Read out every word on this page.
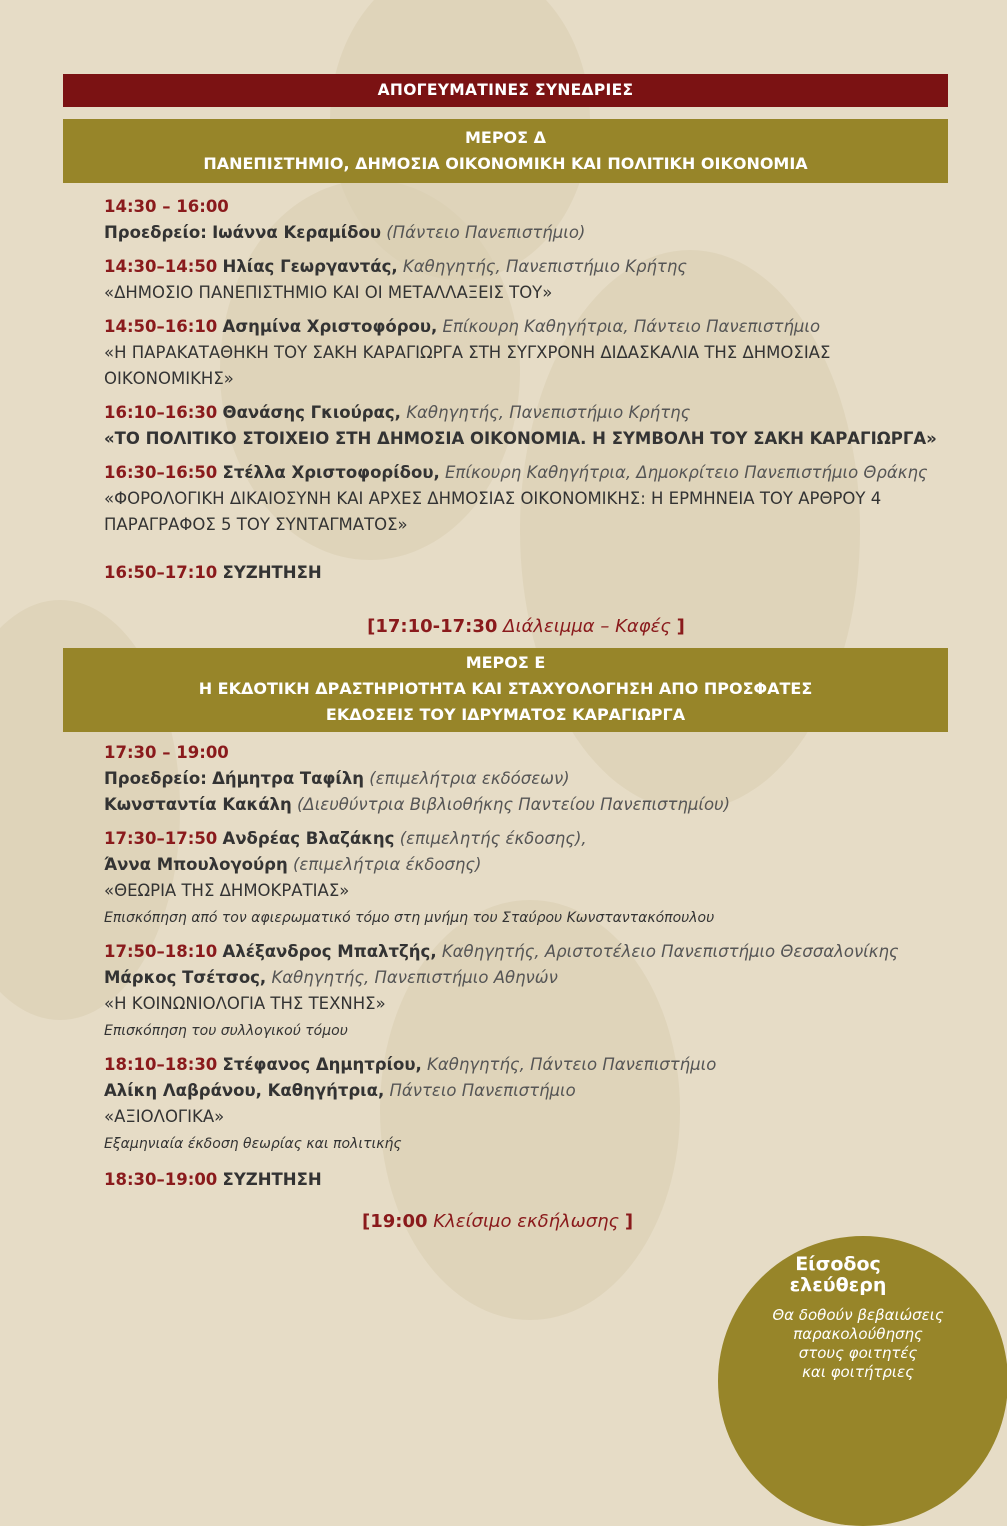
ΑΠΟΓΕΥΜΑΤΙΝΕΣ ΣΥΝΕΔΡΙΕΣ
ΜΕΡΟΣ Δ
ΠΑΝΕΠΙΣΤΗΜΙΟ, ΔΗΜΟΣΙΑ ΟΙΚΟΝΟΜΙΚΗ ΚΑΙ ΠΟΛΙΤΙΚΗ ΟΙΚΟΝΟΜΙΑ
14:30 – 16:00
Προεδρείο: Ιωάννα Κεραμίδου (Πάντειο Πανεπιστήμιο)
14:30–14:50 Ηλίας Γεωργαντάς, Καθηγητής, Πανεπιστήμιο Κρήτης
«ΔΗΜΟΣΙΟ ΠΑΝΕΠΙΣΤΗΜΙΟ ΚΑΙ ΟΙ ΜΕΤΑΛΛΑΞΕΙΣ ΤΟΥ»
14:50–16:10 Ασημίνα Χριστοφόρου, Επίκουρη Καθηγήτρια, Πάντειο Πανεπιστήμιο
«Η ΠΑΡΑΚΑΤΑΘΗΚΗ ΤΟΥ ΣΑΚΗ ΚΑΡΑΓΙΩΡΓΑ ΣΤΗ ΣΥΓΧΡΟΝΗ ΔΙΔΑΣΚΑΛΙΑ ΤΗΣ ΔΗΜΟΣΙΑΣ ΟΙΚΟΝΟΜΙΚΗΣ»
16:10–16:30 Θανάσης Γκιούρας, Καθηγητής, Πανεπιστήμιο Κρήτης
«ΤΟ ΠΟΛΙΤΙΚΟ ΣΤΟΙΧΕΙΟ ΣΤΗ ΔΗΜΟΣΙΑ ΟΙΚΟΝΟΜΙΑ. Η ΣΥΜΒΟΛΗ ΤΟΥ ΣΑΚΗ ΚΑΡΑΓΙΩΡΓΑ»
16:30–16:50 Στέλλα Χριστοφορίδου, Επίκουρη Καθηγήτρια, Δημοκρίτειο Πανεπιστήμιο Θράκης
«ΦΟΡΟΛΟΓΙΚΗ ΔΙΚΑΙΟΣΥΝΗ ΚΑΙ ΑΡΧΕΣ ΔΗΜΟΣΙΑΣ ΟΙΚΟΝΟΜΙΚΗΣ: Η ΕΡΜΗΝΕΙΑ ΤΟΥ ΑΡΘΡΟΥ 4 ΠΑΡΑΓΡΑΦΟΣ 5 ΤΟΥ ΣΥΝΤΑΓΜΑΤΟΣ»
16:50–17:10 ΣΥΖΗΤΗΣΗ
[17:10-17:30 Διάλειμμα – Καφές ]
ΜΕΡΟΣ Ε
Η ΕΚΔΟΤΙΚΗ ΔΡΑΣΤΗΡΙΟΤΗΤΑ ΚΑΙ ΣΤΑΧΥΟΛΟΓΗΣΗ ΑΠΟ ΠΡΟΣΦΑΤΕΣ
ΕΚΔΟΣΕΙΣ ΤΟΥ ΙΔΡΥΜΑΤΟΣ ΚΑΡΑΓΙΩΡΓΑ
17:30 – 19:00
Προεδρείο: Δήμητρα Ταφίλη (επιμελήτρια εκδόσεων)
Κωνσταντία Κακάλη (Διευθύντρια Βιβλιοθήκης Παντείου Πανεπιστημίου)
17:30–17:50 Ανδρέας Βλαζάκης (επιμελητής έκδοσης),
Άννα Μπουλογούρη (επιμελήτρια έκδοσης)
«ΘΕΩΡΙΑ ΤΗΣ ΔΗΜΟΚΡΑΤΙΑΣ»
Επισκόπηση από τον αφιερωματικό τόμο στη μνήμη του Σταύρου Κωνσταντακόπουλου
17:50–18:10 Αλέξανδρος Μπαλτζής, Καθηγητής, Αριστοτέλειο Πανεπιστήμιο Θεσσαλονίκης Μάρκος Τσέτσος, Καθηγητής, Πανεπιστήμιο Αθηνών
«Η ΚΟΙΝΩΝΙΟΛΟΓΙΑ ΤΗΣ ΤΕΧΝΗΣ»
Επισκόπηση του συλλογικού τόμου
18:10–18:30 Στέφανος Δημητρίου, Καθηγητής, Πάντειο Πανεπιστήμιο
Αλίκη Λαβράνου, Καθηγήτρια, Πάντειο Πανεπιστήμιο
«ΑΞΙΟΛΟΓΙΚΑ»
Εξαμηνιαία έκδοση θεωρίας και πολιτικής
18:30–19:00 ΣΥΖΗΤΗΣΗ
[19:00 Κλείσιμο εκδήλωσης ]
Είσοδος
ελεύθερη
Θα δοθούν βεβαιώσεις
παρακολούθησης
στους φοιτητές
και φοιτήτριες
